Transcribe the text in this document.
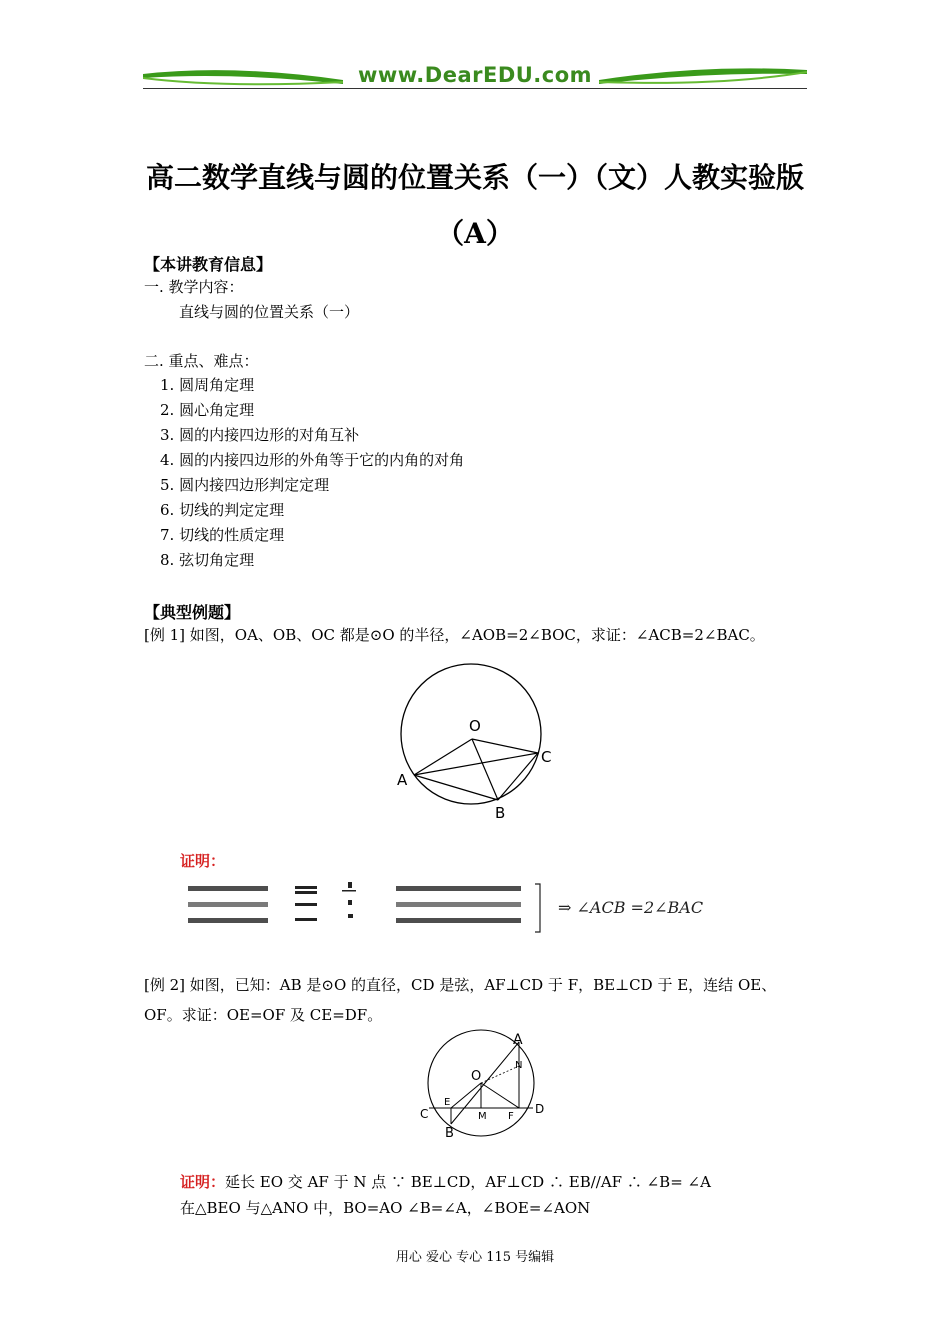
www.DearEDU.com
高二数学直线与圆的位置关系（一）（文）人教实验版（A）
【本讲教育信息】
一. 教学内容：
直线与圆的位置关系（一）
二. 重点、难点：
1. 圆周角定理
2. 圆心角定理
3. 圆的内接四边形的对角互补
4. 圆的内接四边形的外角等于它的内角的对角
5. 圆内接四边形判定定理
6. 切线的判定定理
7. 切线的性质定理
8. 弦切角定理
【典型例题】
[例 1] 如图，OA、OB、OC 都是⊙O 的半径，∠AOB=2∠BOC，求证：∠ACB=2∠BAC。
O
A
B
C
证明：
⇒ ∠ACB =2∠BAC
[例 2] 如图，已知：AB 是⊙O 的直径，CD 是弦，AF⊥CD 于 F，BE⊥CD 于 E，连结 OE、OF。求证：OE=OF 及 CE=DF。
A
N
O
E
M F
C	D
B
证明：延长 EO 交 AF 于 N 点 ∵ BE⊥CD，AF⊥CD ∴ EB//AF ∴ ∠B= ∠A
在△BEO 与△ANO 中，BO=AO ∠B=∠A，∠BOE=∠AON
用心 爱心 专心 115 号编辑
